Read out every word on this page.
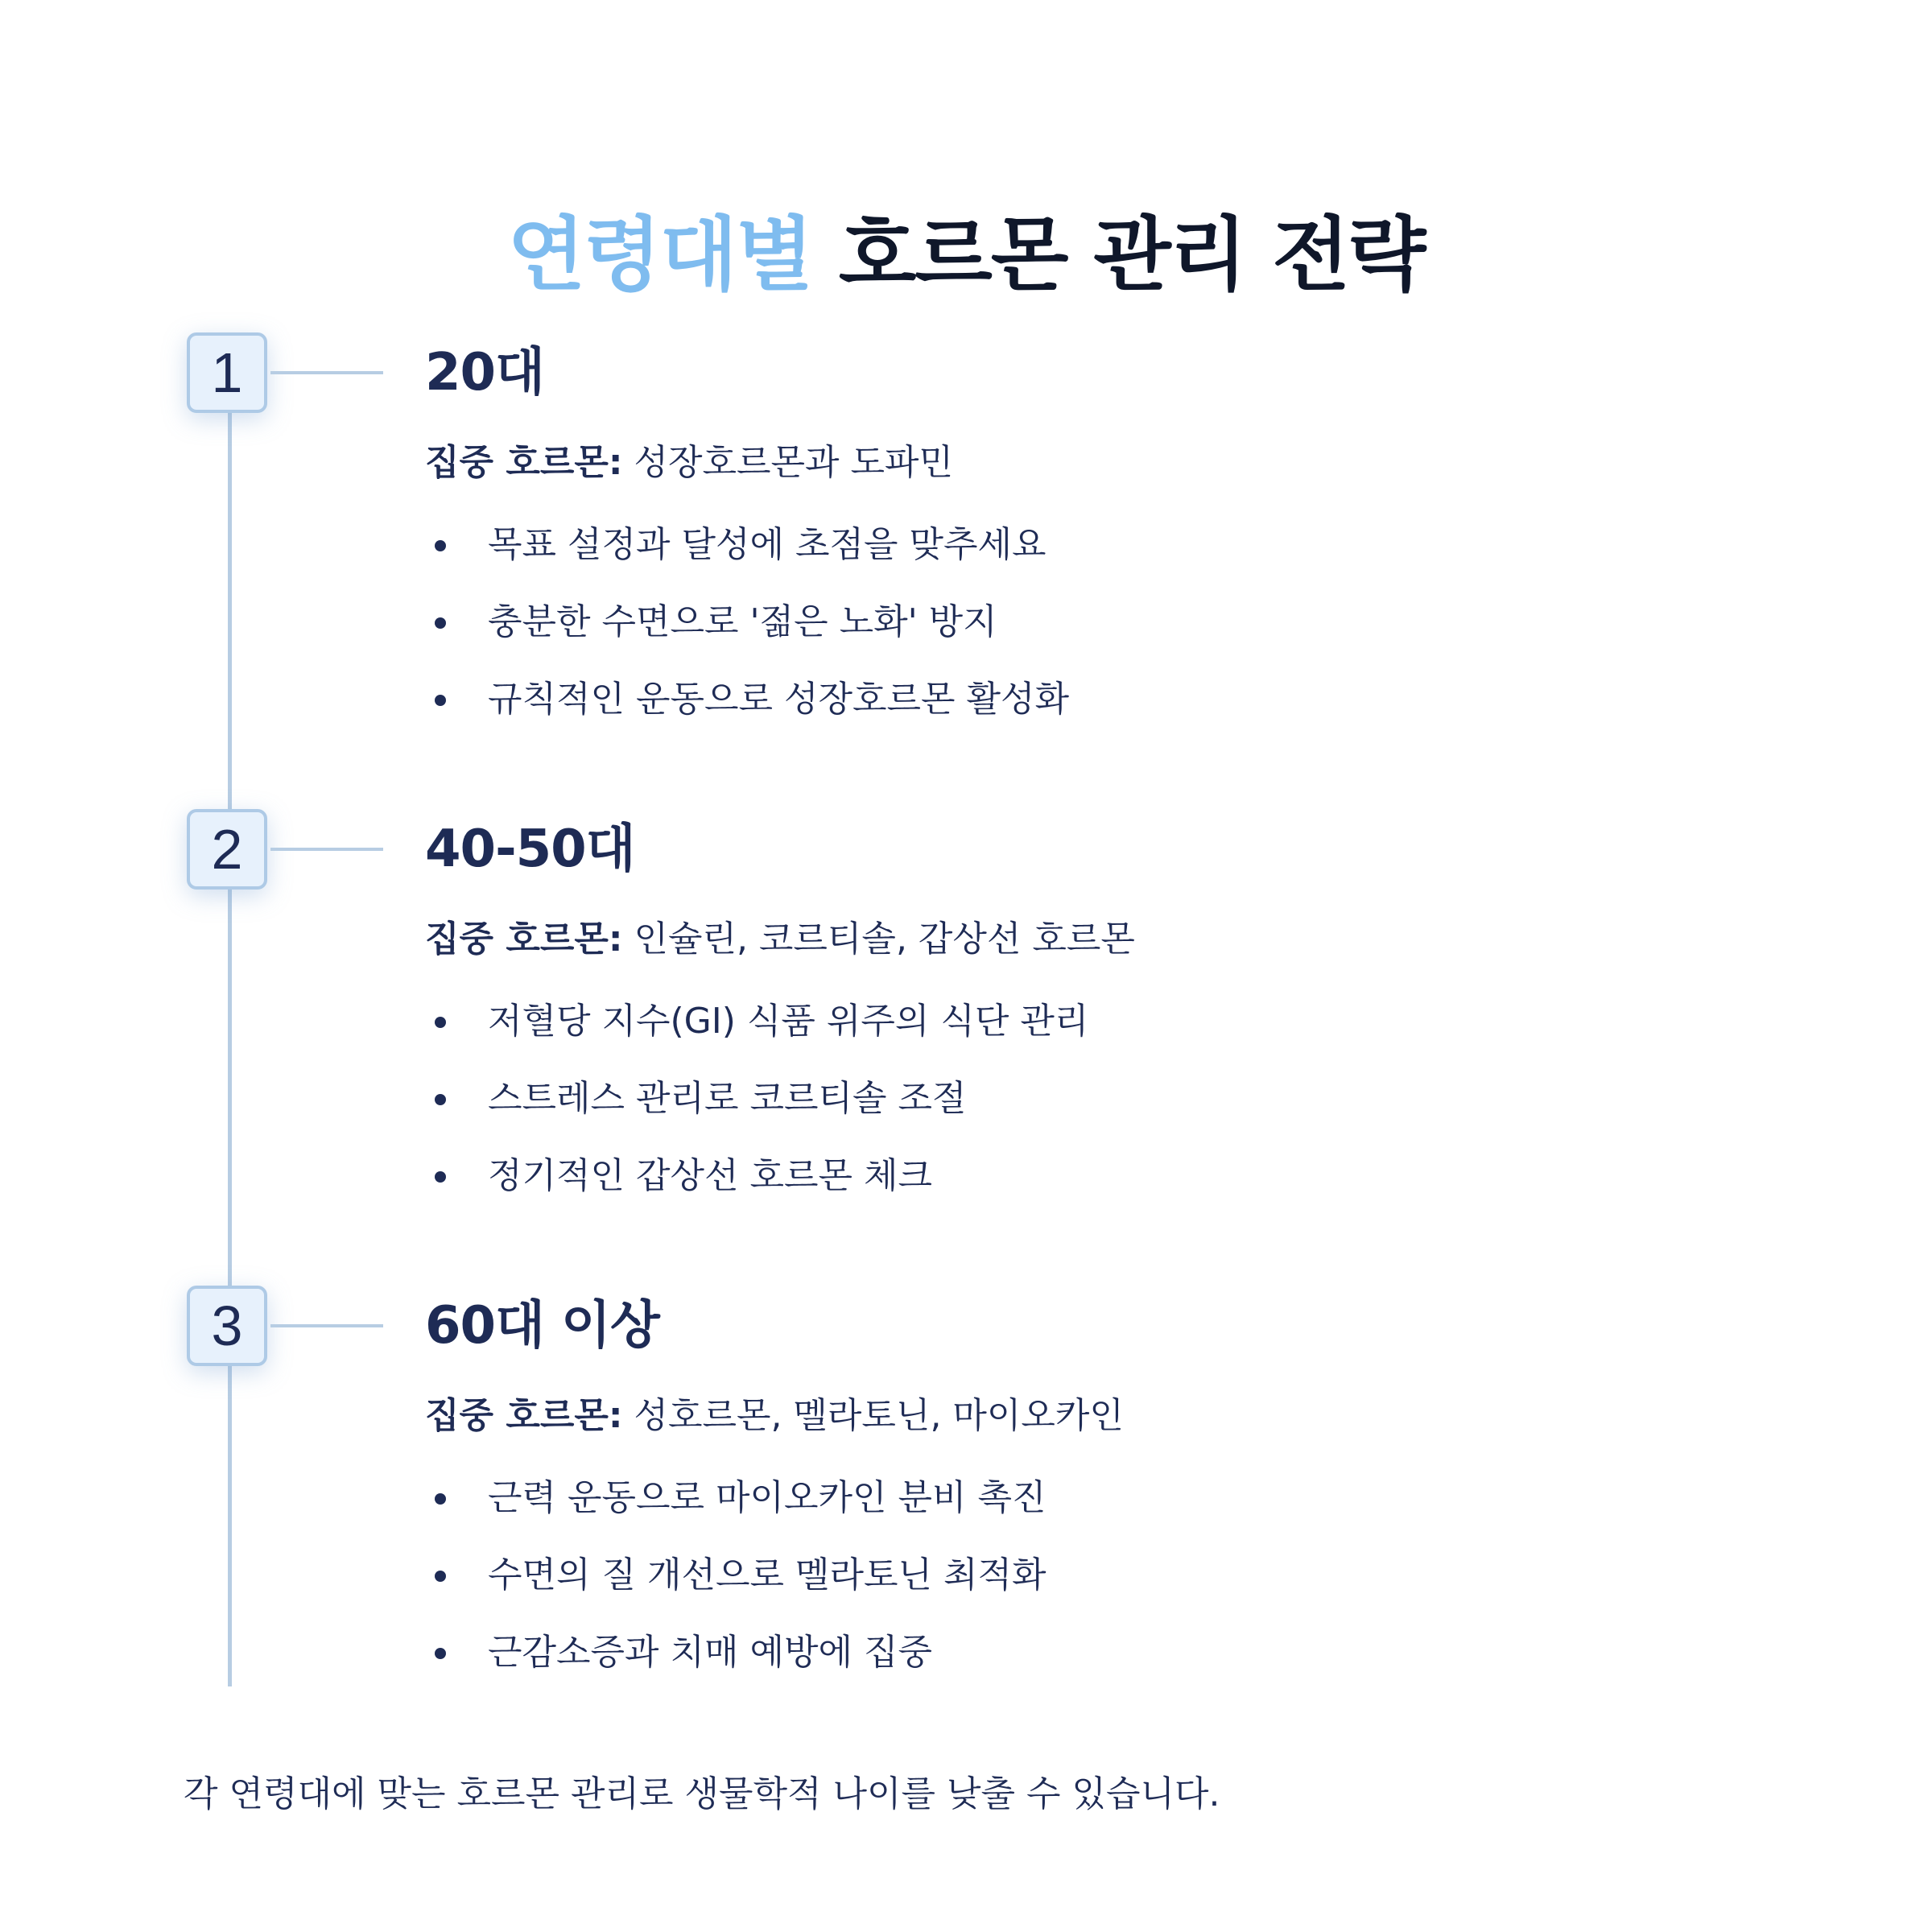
연령대별 호르몬 관리 전략
1	20대
집중 호르몬: 성장호르몬과 도파민
목표 설정과 달성에 초점을 맞추세요
충분한 수면으로 '젊은 노화' 방지
규칙적인 운동으로 성장호르몬 활성화
2	40-50대
집중 호르몬: 인슐린, 코르티솔, 갑상선 호르몬
저혈당 지수(GI) 식품 위주의 식단 관리
스트레스 관리로 코르티솔 조절
정기적인 갑상선 호르몬 체크
3	60대 이상
집중 호르몬: 성호르몬, 멜라토닌, 마이오카인
근력 운동으로 마이오카인 분비 촉진
수면의 질 개선으로 멜라토닌 최적화
근감소증과 치매 예방에 집중

각 연령대에 맞는 호르몬 관리로 생물학적 나이를 낮출 수 있습니다.
